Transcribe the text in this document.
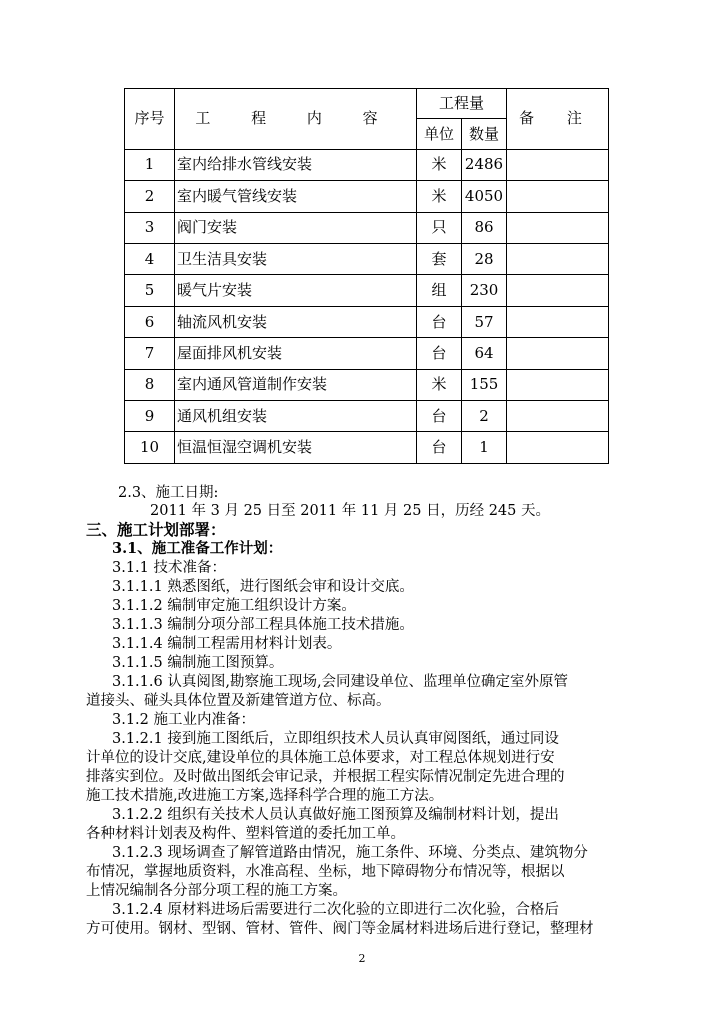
序号	工 程 内 容	工程量		备 注
		单位	数量	
1	室内给排水管线安装	米	2486	
2	室内暖气管线安装	米	4050	
3	阀门安装	只	86	
4	卫生洁具安装	套	28	
5	暖气片安装	组	230	
6	轴流风机安装	台	57	
7	屋面排风机安装	台	64	
8	室内通风管道制作安装	米	155	
9	通风机组安装	台	2	
10	恒温恒湿空调机安装	台	1	
2.3、施工日期:
2011 年 3 月 25 日至 2011 年 11 月 25 日，历经 245 天。
三、施工计划部署：
3.1、施工准备工作计划：
3.1.1 技术准备：
3.1.1.1 熟悉图纸，进行图纸会审和设计交底。
3.1.1.2 编制审定施工组织设计方案。
3.1.1.3 编制分项分部工程具体施工技术措施。
3.1.1.4 编制工程需用材料计划表。
3.1.1.5 编制施工图预算。
3.1.1.6 认真阅图,勘察施工现场,会同建设单位、监理单位确定室外原管
道接头、碰头具体位置及新建管道方位、标高。
3.1.2 施工业内准备：
3.1.2.1 接到施工图纸后，立即组织技术人员认真审阅图纸，通过同设
计单位的设计交底,建设单位的具体施工总体要求，对工程总体规划进行安
排落实到位。及时做出图纸会审记录，并根据工程实际情况制定先进合理的
施工技术措施,改进施工方案,选择科学合理的施工方法。
3.1.2.2 组织有关技术人员认真做好施工图预算及编制材料计划，提出
各种材料计划表及构件、塑料管道的委托加工单。
3.1.2.3 现场调查了解管道路由情况，施工条件、环境、分类点、建筑物分
布情况，掌握地质资料，水准高程、坐标，地下障碍物分布情况等，根据以
上情况编制各分部分项工程的施工方案。
3.1.2.4 原材料进场后需要进行二次化验的立即进行二次化验，合格后
方可使用。钢材、型钢、管材、管件、阀门等金属材料进场后进行登记，整理材
2
